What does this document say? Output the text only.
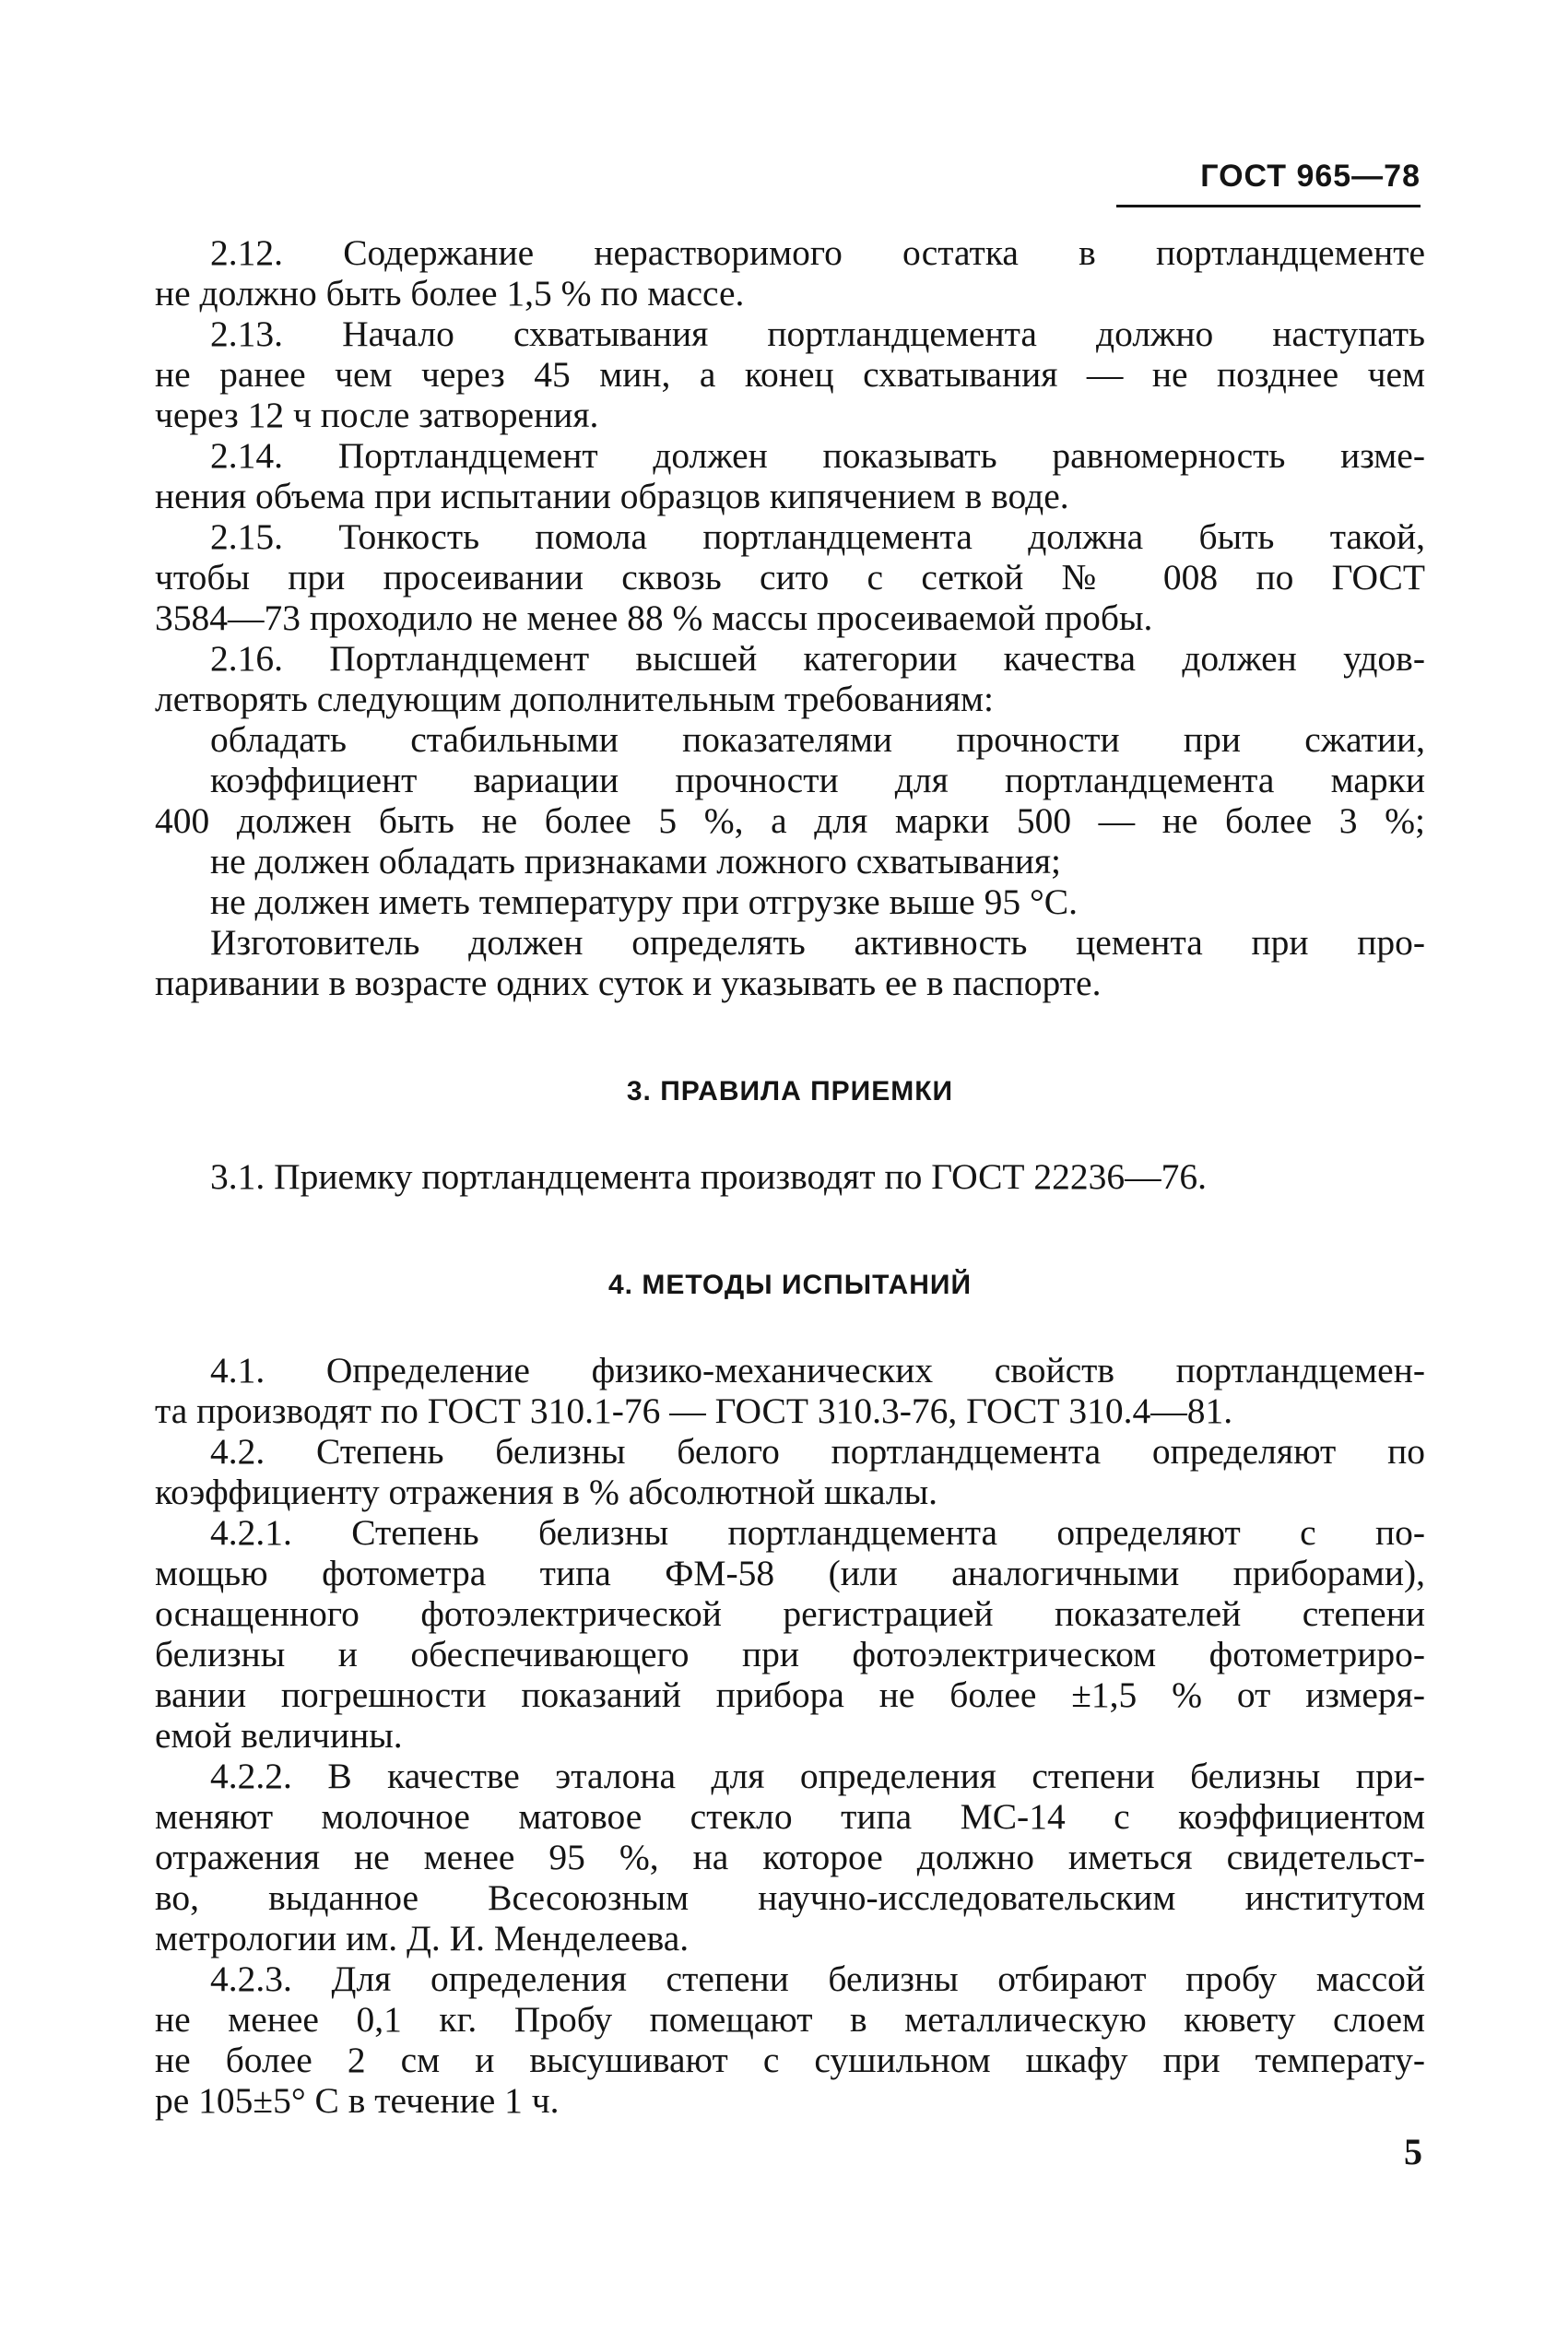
ГОСТ 965—78
2.12. Содержание нерастворимого остатка в портландцементе
не должно быть более 1,5 % по массе.
2.13. Начало схватывания портландцемента должно наступать
не ранее чем через 45 мин, а конец схватывания — не позднее чем
через 12 ч после затворения.
2.14. Портландцемент должен показывать равномерность изме-
нения объема при испытании образцов кипячением в воде.
2.15. Тонкость помола портландцемента должна быть такой,
чтобы при просеивании сквозь сито с сеткой № 008 по ГОСТ
3584—73 проходило не менее 88 % массы просеиваемой пробы.
2.16. Портландцемент высшей категории качества должен удов-
летворять следующим дополнительным требованиям:
обладать стабильными показателями прочности при сжатии,
коэффициент вариации прочности для портландцемента марки
400 должен быть не более 5 %, а для марки 500 — не более 3 %;
не должен обладать признаками ложного схватывания;
не должен иметь температуру при отгрузке выше 95 °С.
Изготовитель должен определять активность цемента при про-
паривании в возрасте одних суток и указывать ее в паспорте.
3. ПРАВИЛА ПРИЕМКИ
3.1. Приемку портландцемента производят по ГОСТ 22236—76.
4. МЕТОДЫ ИСПЫТАНИЙ
4.1. Определение физико-механических свойств портландцемен-
та производят по ГОСТ 310.1-76 — ГОСТ 310.3-76, ГОСТ 310.4—81.
4.2. Степень белизны белого портландцемента определяют по
коэффициенту отражения в % абсолютной шкалы.
4.2.1. Степень белизны портландцемента определяют с по-
мощью фотометра типа ФМ-58 (или аналогичными приборами),
оснащенного фотоэлектрической регистрацией показателей степени
белизны и обеспечивающего при фотоэлектрическом фотометриро-
вании погрешности показаний прибора не более ±1,5 % от измеря-
емой величины.
4.2.2. В качестве эталона для определения степени белизны при-
меняют молочное матовое стекло типа МС-14 с коэффициентом
отражения не менее 95 %, на которое должно иметься свидетельст-
во, выданное Всесоюзным научно-исследовательским институтом
метрологии им. Д. И. Менделеева.
4.2.3. Для определения степени белизны отбирают пробу массой
не менее 0,1 кг. Пробу помещают в металлическую кювету слоем
не более 2 см и высушивают с сушильном шкафу при температу-
ре 105±5° С в течение 1 ч.
5
